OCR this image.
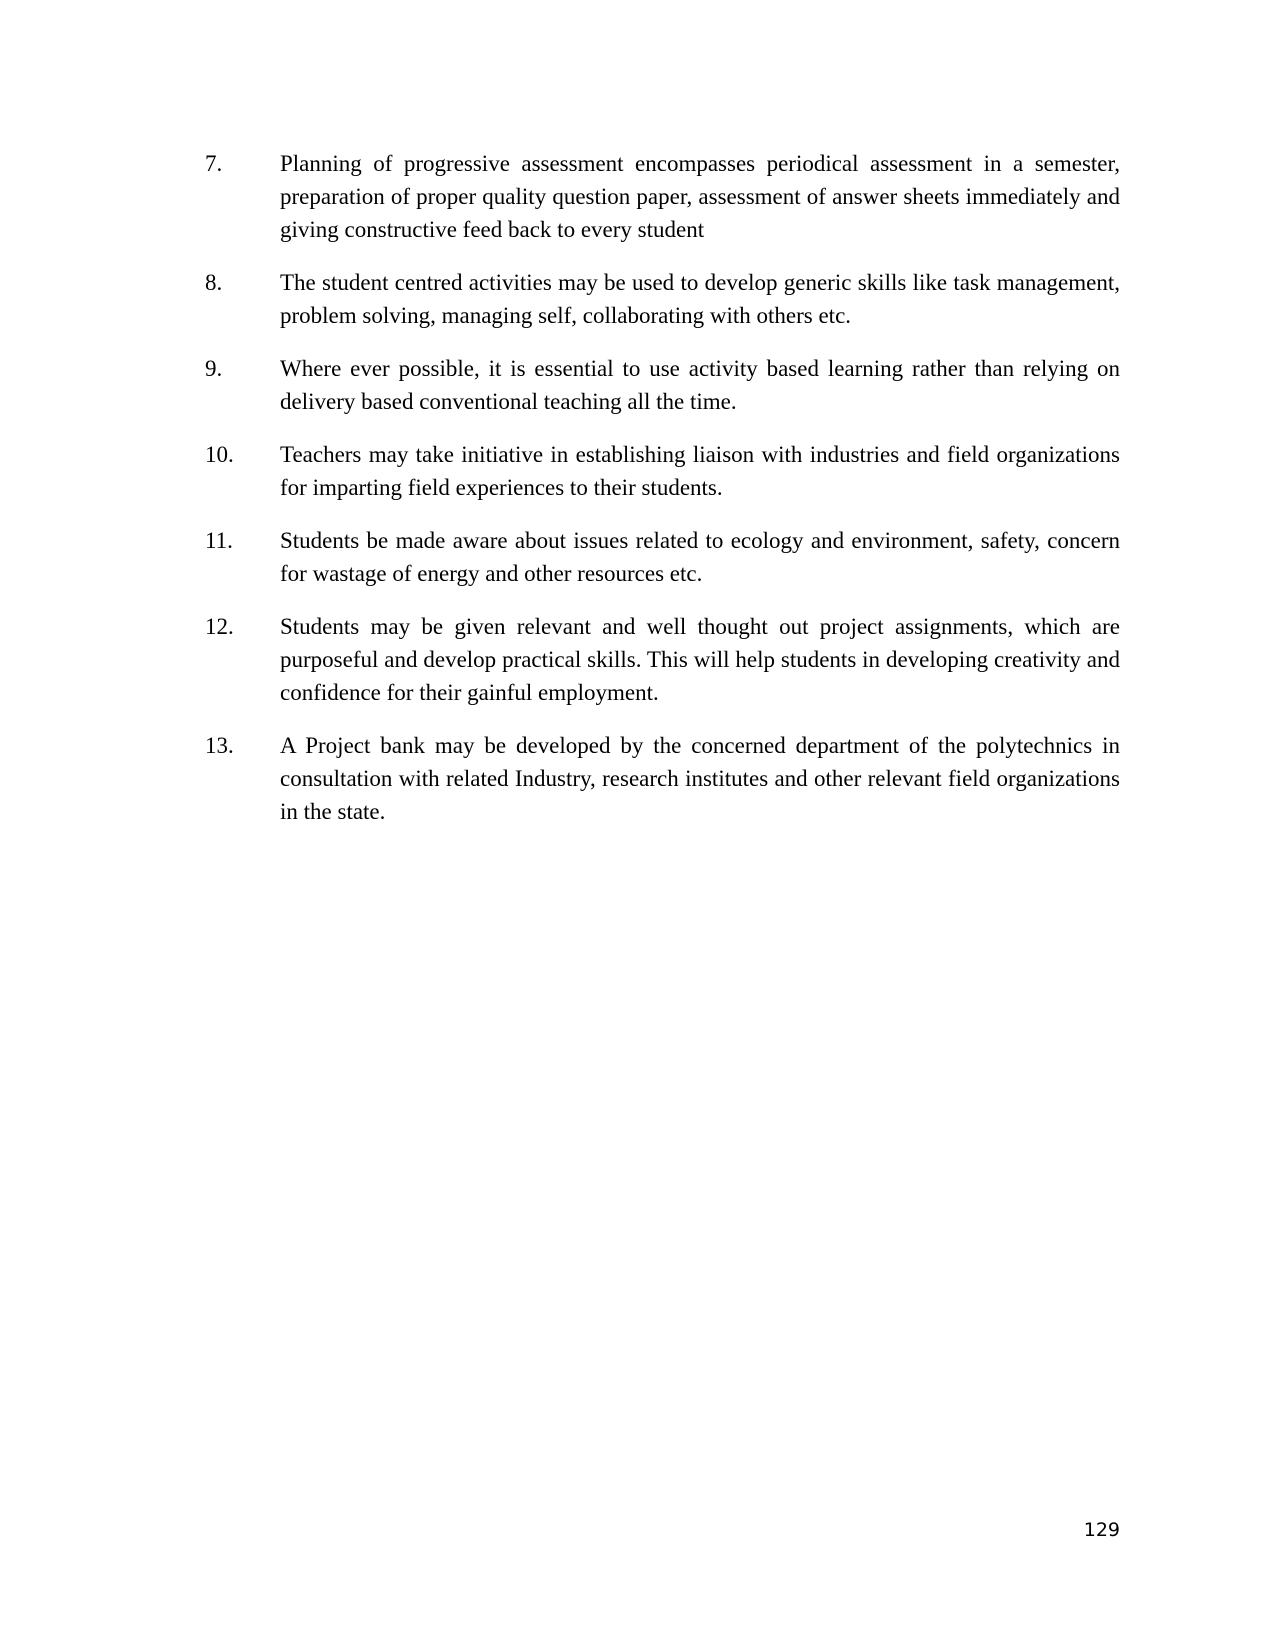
7.	Planning of progressive assessment encompasses periodical assessment in a semester, preparation of proper quality question paper, assessment of answer sheets immediately and giving constructive feed back to every student
8.	The student centred activities may be used to develop generic skills like task management, problem solving, managing self, collaborating with others etc.
9.	Where ever possible, it is essential to use activity based learning rather than relying on delivery based conventional teaching all the time.
10.	Teachers may take initiative in establishing liaison with industries and field organizations for imparting field experiences to their students.
11.	Students be made aware about issues related to ecology and environment, safety, concern for wastage of energy and other resources etc.
12.	Students may be given relevant and well thought out project assignments, which are purposeful and develop practical skills. This will help students in developing creativity and confidence for their gainful employment.
13.	A Project bank may be developed by the concerned department of the polytechnics in consultation with related Industry, research institutes and other relevant field organizations in the state.
129
